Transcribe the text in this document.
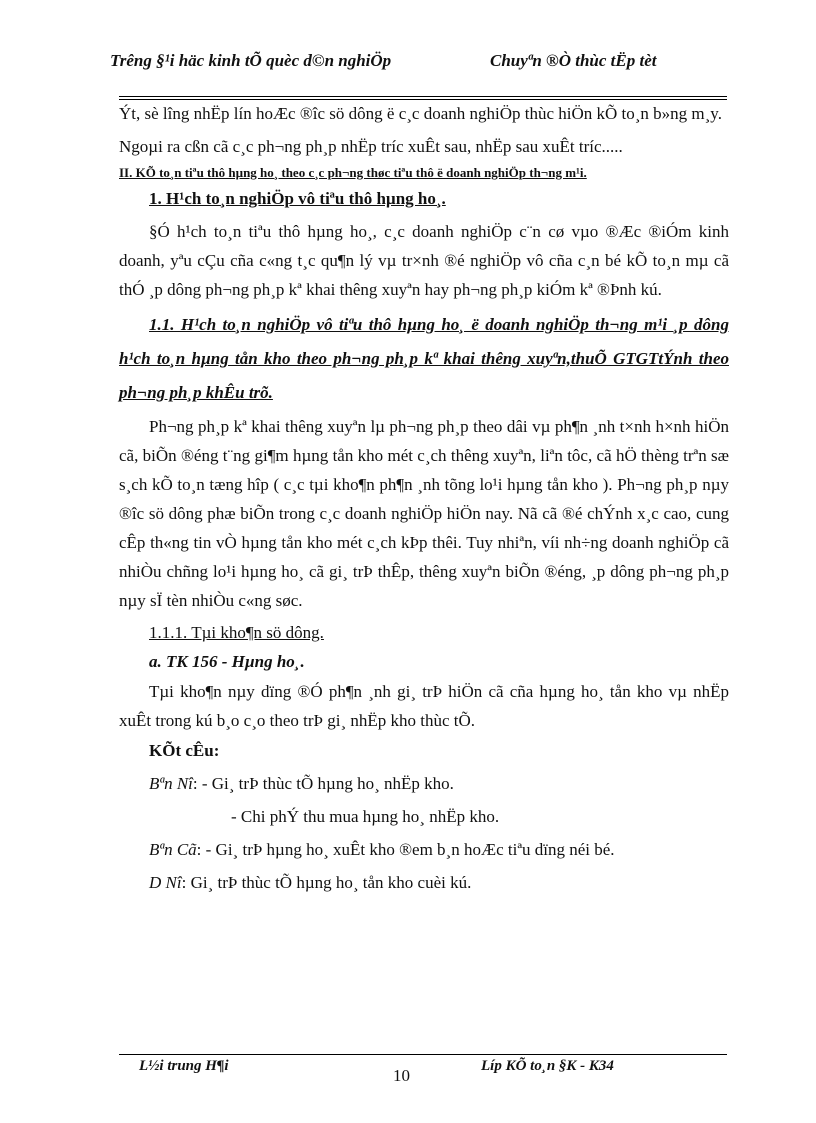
Trêng §¹i häc kinh tÕ quèc d©n nghiÖp	Chuyªn ®Ò thùc tËp tèt

Ýt, sè lîng nhËp lín hoÆc ®îc sö dông ë c¸c doanh nghiÖp thùc hiÖn kÕ to¸n b»ng m¸y.

Ngoµi ra cßn cã c¸c ph¬ng ph¸p nhËp tríc xuÊt sau, nhËp sau xuÊt tríc.....

II. KÕ to¸n tiªu thô hµng ho¸ theo c¸c ph¬ng thøc tiªu thô ë doanh nghiÖp th¬ng m¹i.
1. H¹ch to¸n nghiÖp vô tiªu thô hµng ho¸.

§Ó h¹ch to¸n tiªu thô hµng ho¸, c¸c doanh nghiÖp c¨n cø vµo ®Æc ®iÓm kinh doanh, yªu cÇu cña c«ng t¸c qu¶n lý vµ tr×nh ®é nghiÖp vô cña c¸n bé kÕ to¸n mµ cã thÓ ¸p dông ph¬ng ph¸p kª khai thêng xuyªn hay ph¬ng ph¸p kiÓm kª ®Þnh kú.

1.1. H¹ch to¸n nghiÖp vô tiªu thô hµng ho¸ ë doanh nghiÖp th¬ng m¹i ¸p dông h¹ch to¸n hµng tån kho theo ph¬ng ph¸p kª khai thêng xuyªn,thuÕ GTGTtÝnh theo ph¬ng ph¸p khÊu trõ.

Ph¬ng ph¸p kª khai thêng xuyªn lµ ph¬ng ph¸p theo dâi vµ ph¶n ¸nh t×nh h×nh hiÖn cã, biÕn ®éng t¨ng gi¶m hµng tån kho mét c¸ch thêng xuyªn, liªn tôc, cã hÖ thèng trªn sæ s¸ch kÕ to¸n tæng hîp ( c¸c tµi kho¶n ph¶n ¸nh tõng lo¹i hµng tån kho ). Ph¬ng ph¸p nµy ®îc sö dông phæ biÕn trong c¸c doanh nghiÖp hiÖn nay. Nã cã ®é chÝnh x¸c cao, cung cÊp th«ng tin vÒ hµng tån kho mét c¸ch kÞp thêi. Tuy nhiªn, víi nh÷ng doanh nghiÖp cã nhiÒu chñng lo¹i hµng ho¸ cã gi¸ trÞ thÊp, thêng xuyªn biÕn ®éng, ¸p dông ph¬ng ph¸p nµy sÏ tèn nhiÒu c«ng søc.

1.1.1. Tµi kho¶n sö dông.
a. TK 156 - Hµng ho¸.

Tµi kho¶n nµy dïng ®Ó ph¶n ¸nh gi¸ trÞ hiÖn cã cña hµng ho¸ tån kho vµ nhËp xuÊt trong kú b¸o c¸o theo trÞ gi¸ nhËp kho thùc tÕ.

KÕt cÊu:
Bªn Nî: - Gi¸ trÞ thùc tÕ hµng ho¸ nhËp kho.
- Chi phÝ thu mua hµng ho¸ nhËp kho.
Bªn Cã: - Gi¸ trÞ hµng ho¸ xuÊt kho ®em b¸n hoÆc tiªu dïng néi bé.
D Nî: Gi¸ trÞ thùc tÕ hµng ho¸ tån kho cuèi kú.
L½i trung H¶i	10	Líp KÕ to¸n §K - K34
